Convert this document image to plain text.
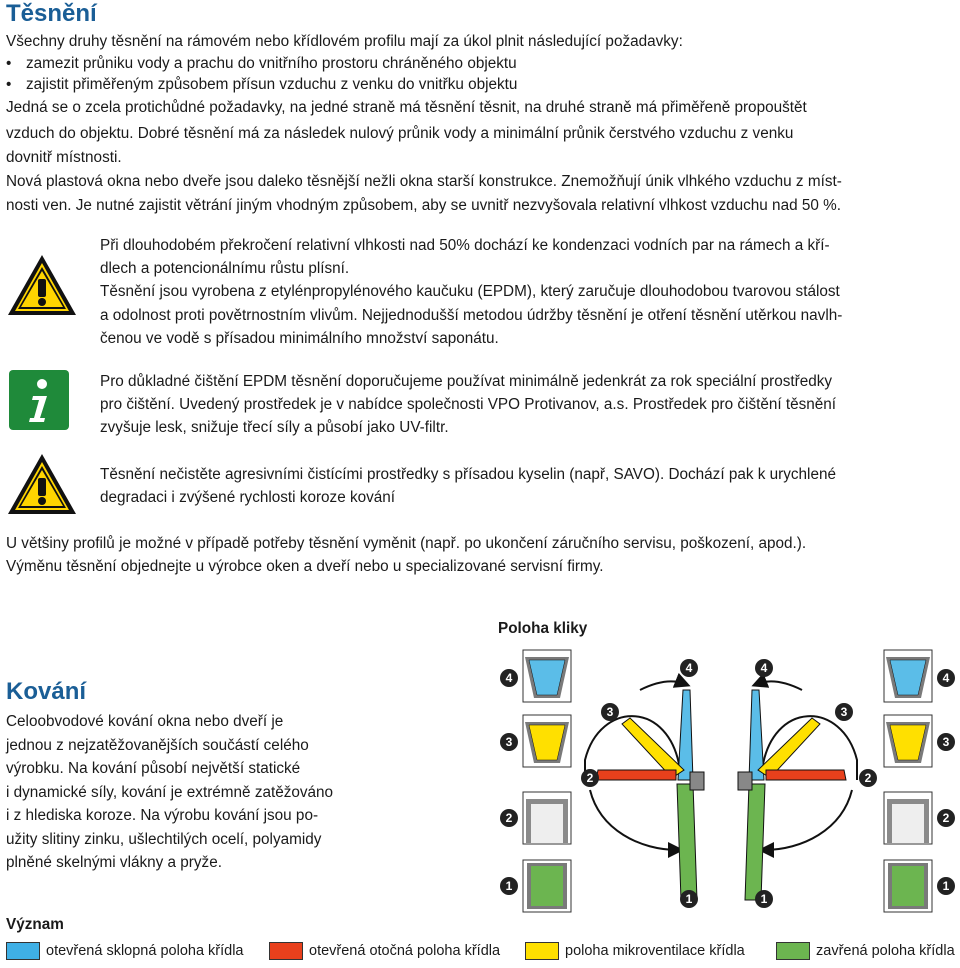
Těsnění
Všechny druhy těsnění na rámovém nebo křídlovém profilu mají za úkol plnit následující požadavky:
• zamezit průniku vody a prachu do vnitřního prostoru chráněného objektu
• zajistit přiměřeným způsobem přísun vzduchu z venku do vnitřku objektu
Jedná se o zcela protichůdné požadavky, na jedné straně má těsnění těsnit, na druhé straně má přiměřeně propouštět
vzduch do objektu. Dobré těsnění má za následek nulový průnik vody a minimální průnik čerstvého vzduchu z venku
dovnitř místnosti.
Nová plastová okna nebo dveře jsou daleko těsnější nežli okna starší konstrukce. Znemožňují únik vlhkého vzduchu z míst-
nosti ven. Je nutné zajistit větrání jiným vhodným způsobem, aby se uvnitř nezvyšovala relativní vlhkost vzduchu nad 50 %.
Při dlouhodobém překročení relativní vlhkosti nad 50% dochází ke kondenzaci vodních par na rámech a kří-
dlech a potencionálnímu růstu plísní.
Těsnění jsou vyrobena z etylénpropylénového kaučuku (EPDM), který zaručuje dlouhodobou tvarovou stálost
a odolnost proti povětrnostním vlivům. Nejjednodušší metodou údržby těsnění je otření těsnění utěrkou navlh-
čenou ve vodě s přísadou minimálního množství saponátu.
Pro důkladné čištění EPDM těsnění doporučujeme používat minimálně jedenkrát za rok speciální prostředky
pro čištění. Uvedený prostředek je v nabídce společnosti VPO Protivanov, a.s. Prostředek pro čištění těsnění
zvyšuje lesk, snižuje třecí síly a působí jako UV-filtr.
Těsnění nečistěte agresivními čistícími prostředky s přísadou kyselin (např, SAVO). Dochází pak k urychlené
degradaci i zvýšené rychlosti koroze kování
U většiny profilů je možné v případě potřeby těsnění vyměnit (např. po ukončení záručního servisu, poškození, apod.).
Výměnu těsnění objednejte u výrobce oken a dveří nebo u specializované servisní firmy.
Kování
Celoobvodové kování okna nebo dveří je
jednou z nejzatěžovanějších součástí celého
výrobku. Na kování působí největší statické
i dynamické síly, kování je extrémně zatěžováno
i z hlediska koroze. Na výrobu kování jsou po-
užity slitiny zinku, ušlechtilých ocelí, polyamidy
plněné skelnými vlákny a pryže.
Poloha kliky
4
3
2
1
4
3
2
1
4
3
2
1
4
3
2
1
Význam
otevřená sklopná poloha křídla	otevřená otočná poloha křídla	poloha mikroventilace křídla	zavřená poloha křídla
